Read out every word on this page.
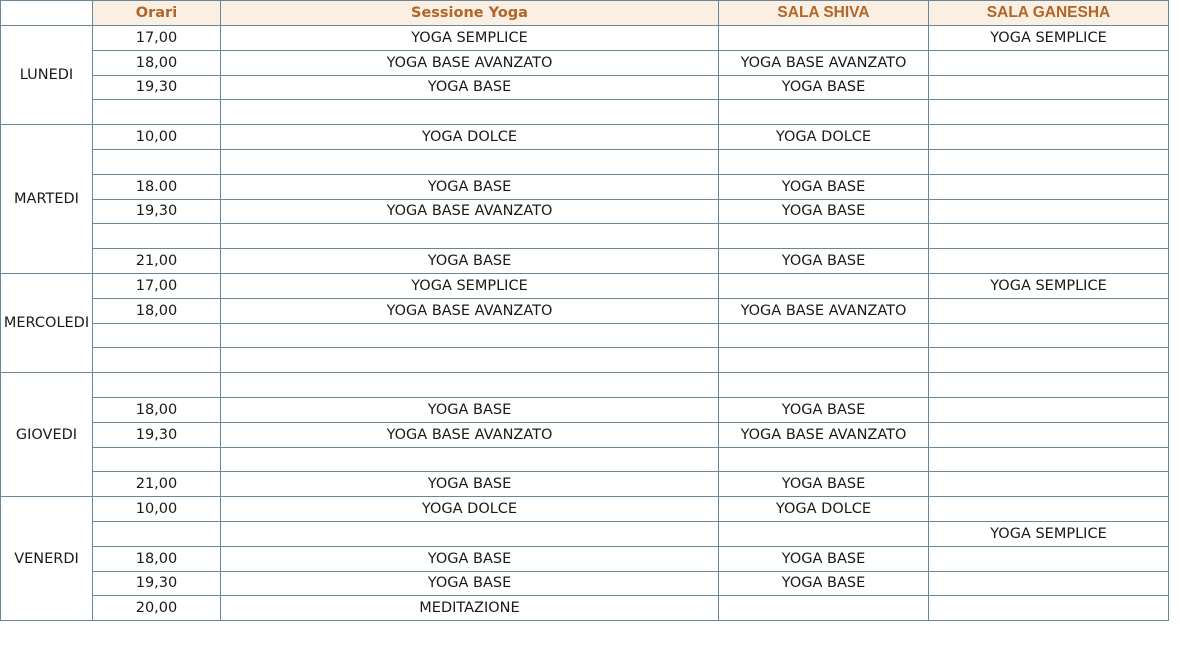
	Orari	Sessione Yoga	SALA SHIVA	SALA GANESHA
LUNEDI	17,00	YOGA SEMPLICE		YOGA SEMPLICE
	18,00	YOGA BASE AVANZATO	YOGA BASE AVANZATO	
	19,30	YOGA BASE	YOGA BASE	

MARTEDI	10,00	YOGA DOLCE	YOGA DOLCE	

	18.00	YOGA BASE	YOGA BASE	
	19,30	YOGA BASE AVANZATO	YOGA BASE	

	21,00	YOGA BASE	YOGA BASE	
MERCOLEDI	17,00	YOGA SEMPLICE		YOGA SEMPLICE
	18,00	YOGA BASE AVANZATO	YOGA BASE AVANZATO	

GIOVEDI				
	18,00	YOGA BASE	YOGA BASE	
	19,30	YOGA BASE AVANZATO	YOGA BASE AVANZATO	

	21,00	YOGA BASE	YOGA BASE	
VENERDI	10,00	YOGA DOLCE	YOGA DOLCE	
				YOGA SEMPLICE
	18,00	YOGA BASE	YOGA BASE	
	19,30	YOGA BASE	YOGA BASE	
	20,00	MEDITAZIONE		
